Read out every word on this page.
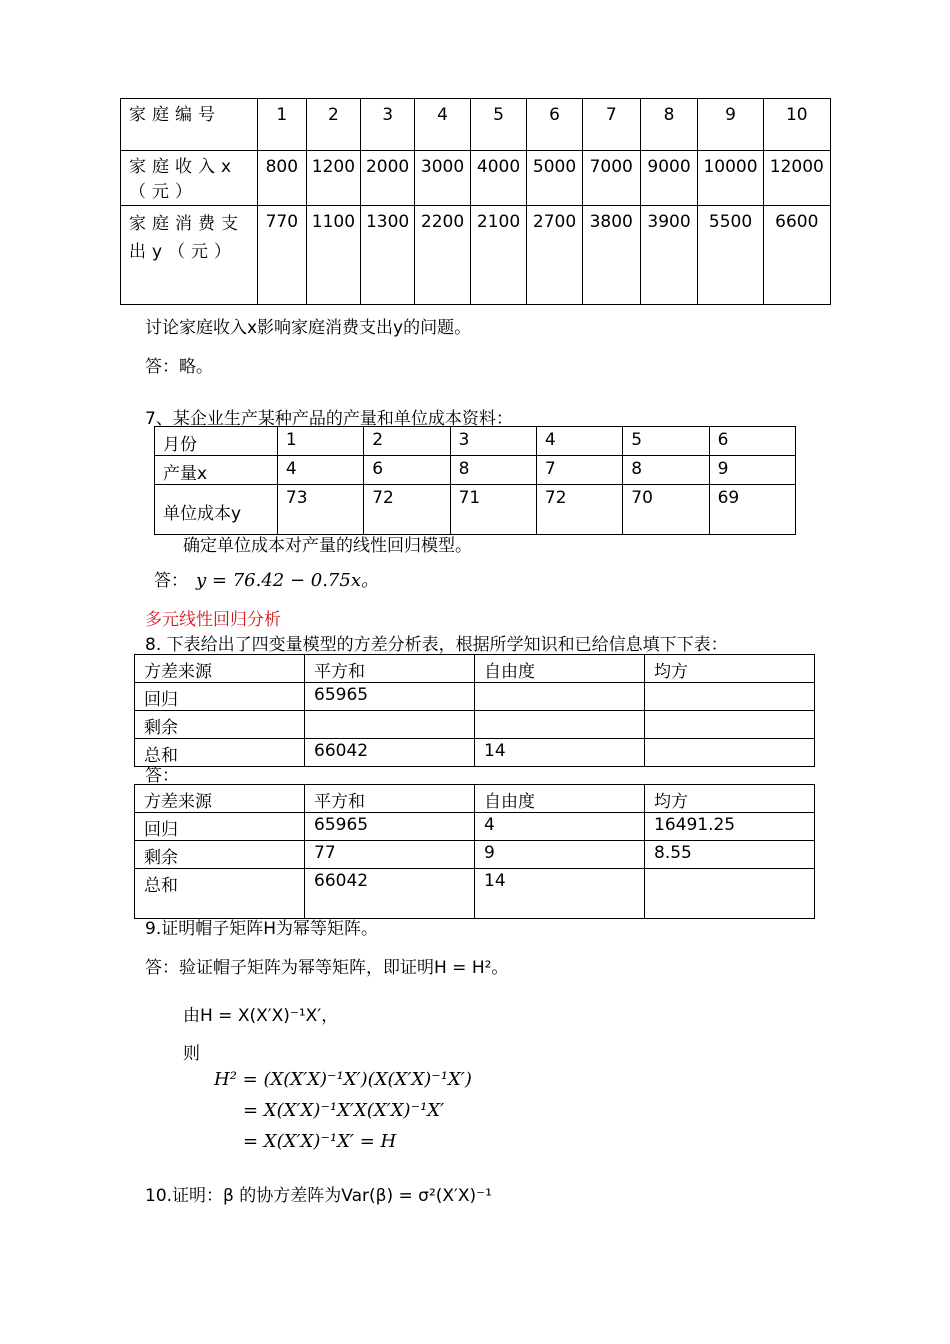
家庭编号	1	2	3	4	5	6	7	8	9	10
家庭收入x（元）	800	1200	2000	3000	4000	5000	7000	9000	10000	12000
家庭消费支出y（元）	770	1100	1300	2200	2100	2700	3800	3900	5500	6600
讨论家庭收入x影响家庭消费支出y的问题。
答：略。
7、某企业生产某种产品的产量和单位成本资料：
月份	1	2	3	4	5	6
产量x	4	6	8	7	8	9
单位成本y	73	72	71	72	70	69
确定单位成本对产量的线性回归模型。
答： y = 76.42 − 0.75x。
多元线性回归分析
8. 下表给出了四变量模型的方差分析表，根据所学知识和已给信息填下下表：
方差来源	平方和	自由度	均方
回归	65965		
剩余			
总和	66042	14	
答：
方差来源	平方和	自由度	均方
回归	65965	4	16491.25
剩余	77	9	8.55
总和	66042	14	
9.证明帽子矩阵H为幂等矩阵。
答：验证帽子矩阵为幂等矩阵，即证明H = H²。
由H = X(X′X)⁻¹X′，
则
H² = (X(X′X)⁻¹X′)(X(X′X)⁻¹X′)
= X(X′X)⁻¹X′X(X′X)⁻¹X′
= X(X′X)⁻¹X′ = H
10.证明：β 的协方差阵为Var(β) = σ²(X′X)⁻¹
